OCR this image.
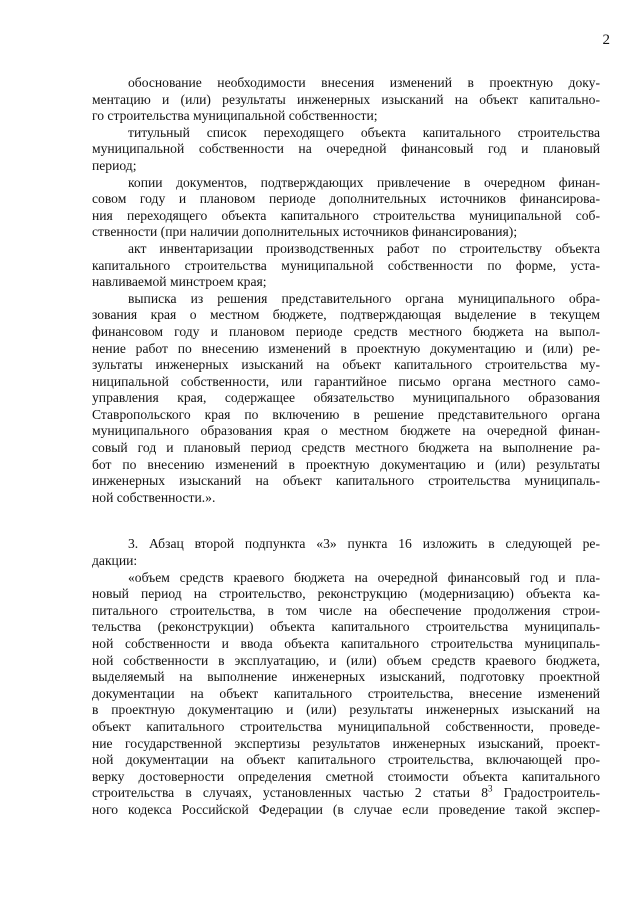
2

обоснование необходимости внесения изменений в проектную доку-
ментацию и (или) результаты инженерных изысканий на объект капитально-
го строительства муниципальной собственности;

титульный список переходящего объекта капитального строительства
муниципальной собственности на очередной финансовый год и плановый
период;

копии документов, подтверждающих привлечение в очередном финан-
совом году и плановом периоде дополнительных источников финансирова-
ния переходящего объекта капитального строительства муниципальной соб-
ственности (при наличии дополнительных источников финансирования);

акт инвентаризации производственных работ по строительству объекта
капитального строительства муниципальной собственности по форме, уста-
навливаемой минстроем края;

выписка из решения представительного органа муниципального обра-
зования края о местном бюджете, подтверждающая выделение в текущем
финансовом году и плановом периоде средств местного бюджета на выпол-
нение работ по внесению изменений в проектную документацию и (или) ре-
зультаты инженерных изысканий на объект капитального строительства му-
ниципальной собственности, или гарантийное письмо органа местного само-
управления края, содержащее обязательство муниципального образования
Ставропольского края по включению в решение представительного органа
муниципального образования края о местном бюджете на очередной финан-
совый год и плановый период средств местного бюджета на выполнение ра-
бот по внесению изменений в проектную документацию и (или) результаты
инженерных изысканий на объект капитального строительства муниципаль-
ной собственности.».

3. Абзац второй подпункта «3» пункта 16 изложить в следующей ре-
дакции:

«объем средств краевого бюджета на очередной финансовый год и пла-
новый период на строительство, реконструкцию (модернизацию) объекта ка-
питального строительства, в том числе на обеспечение продолжения строи-
тельства (реконструкции) объекта капитального строительства муниципаль-
ной собственности и ввода объекта капитального строительства муниципаль-
ной собственности в эксплуатацию, и (или) объем средств краевого бюджета,
выделяемый на выполнение инженерных изысканий, подготовку проектной
документации на объект капитального строительства, внесение изменений
в проектную документацию и (или) результаты инженерных изысканий на
объект капитального строительства муниципальной собственности, проведе-
ние государственной экспертизы результатов инженерных изысканий, проект-
ной документации на объект капитального строительства, включающей про-
верку достоверности определения сметной стоимости объекта капитального
строительства в случаях, установленных частью 2 статьи $8^3$ Градостроитель-
ного кодекса Российской Федерации (в случае если проведение такой экспер-
